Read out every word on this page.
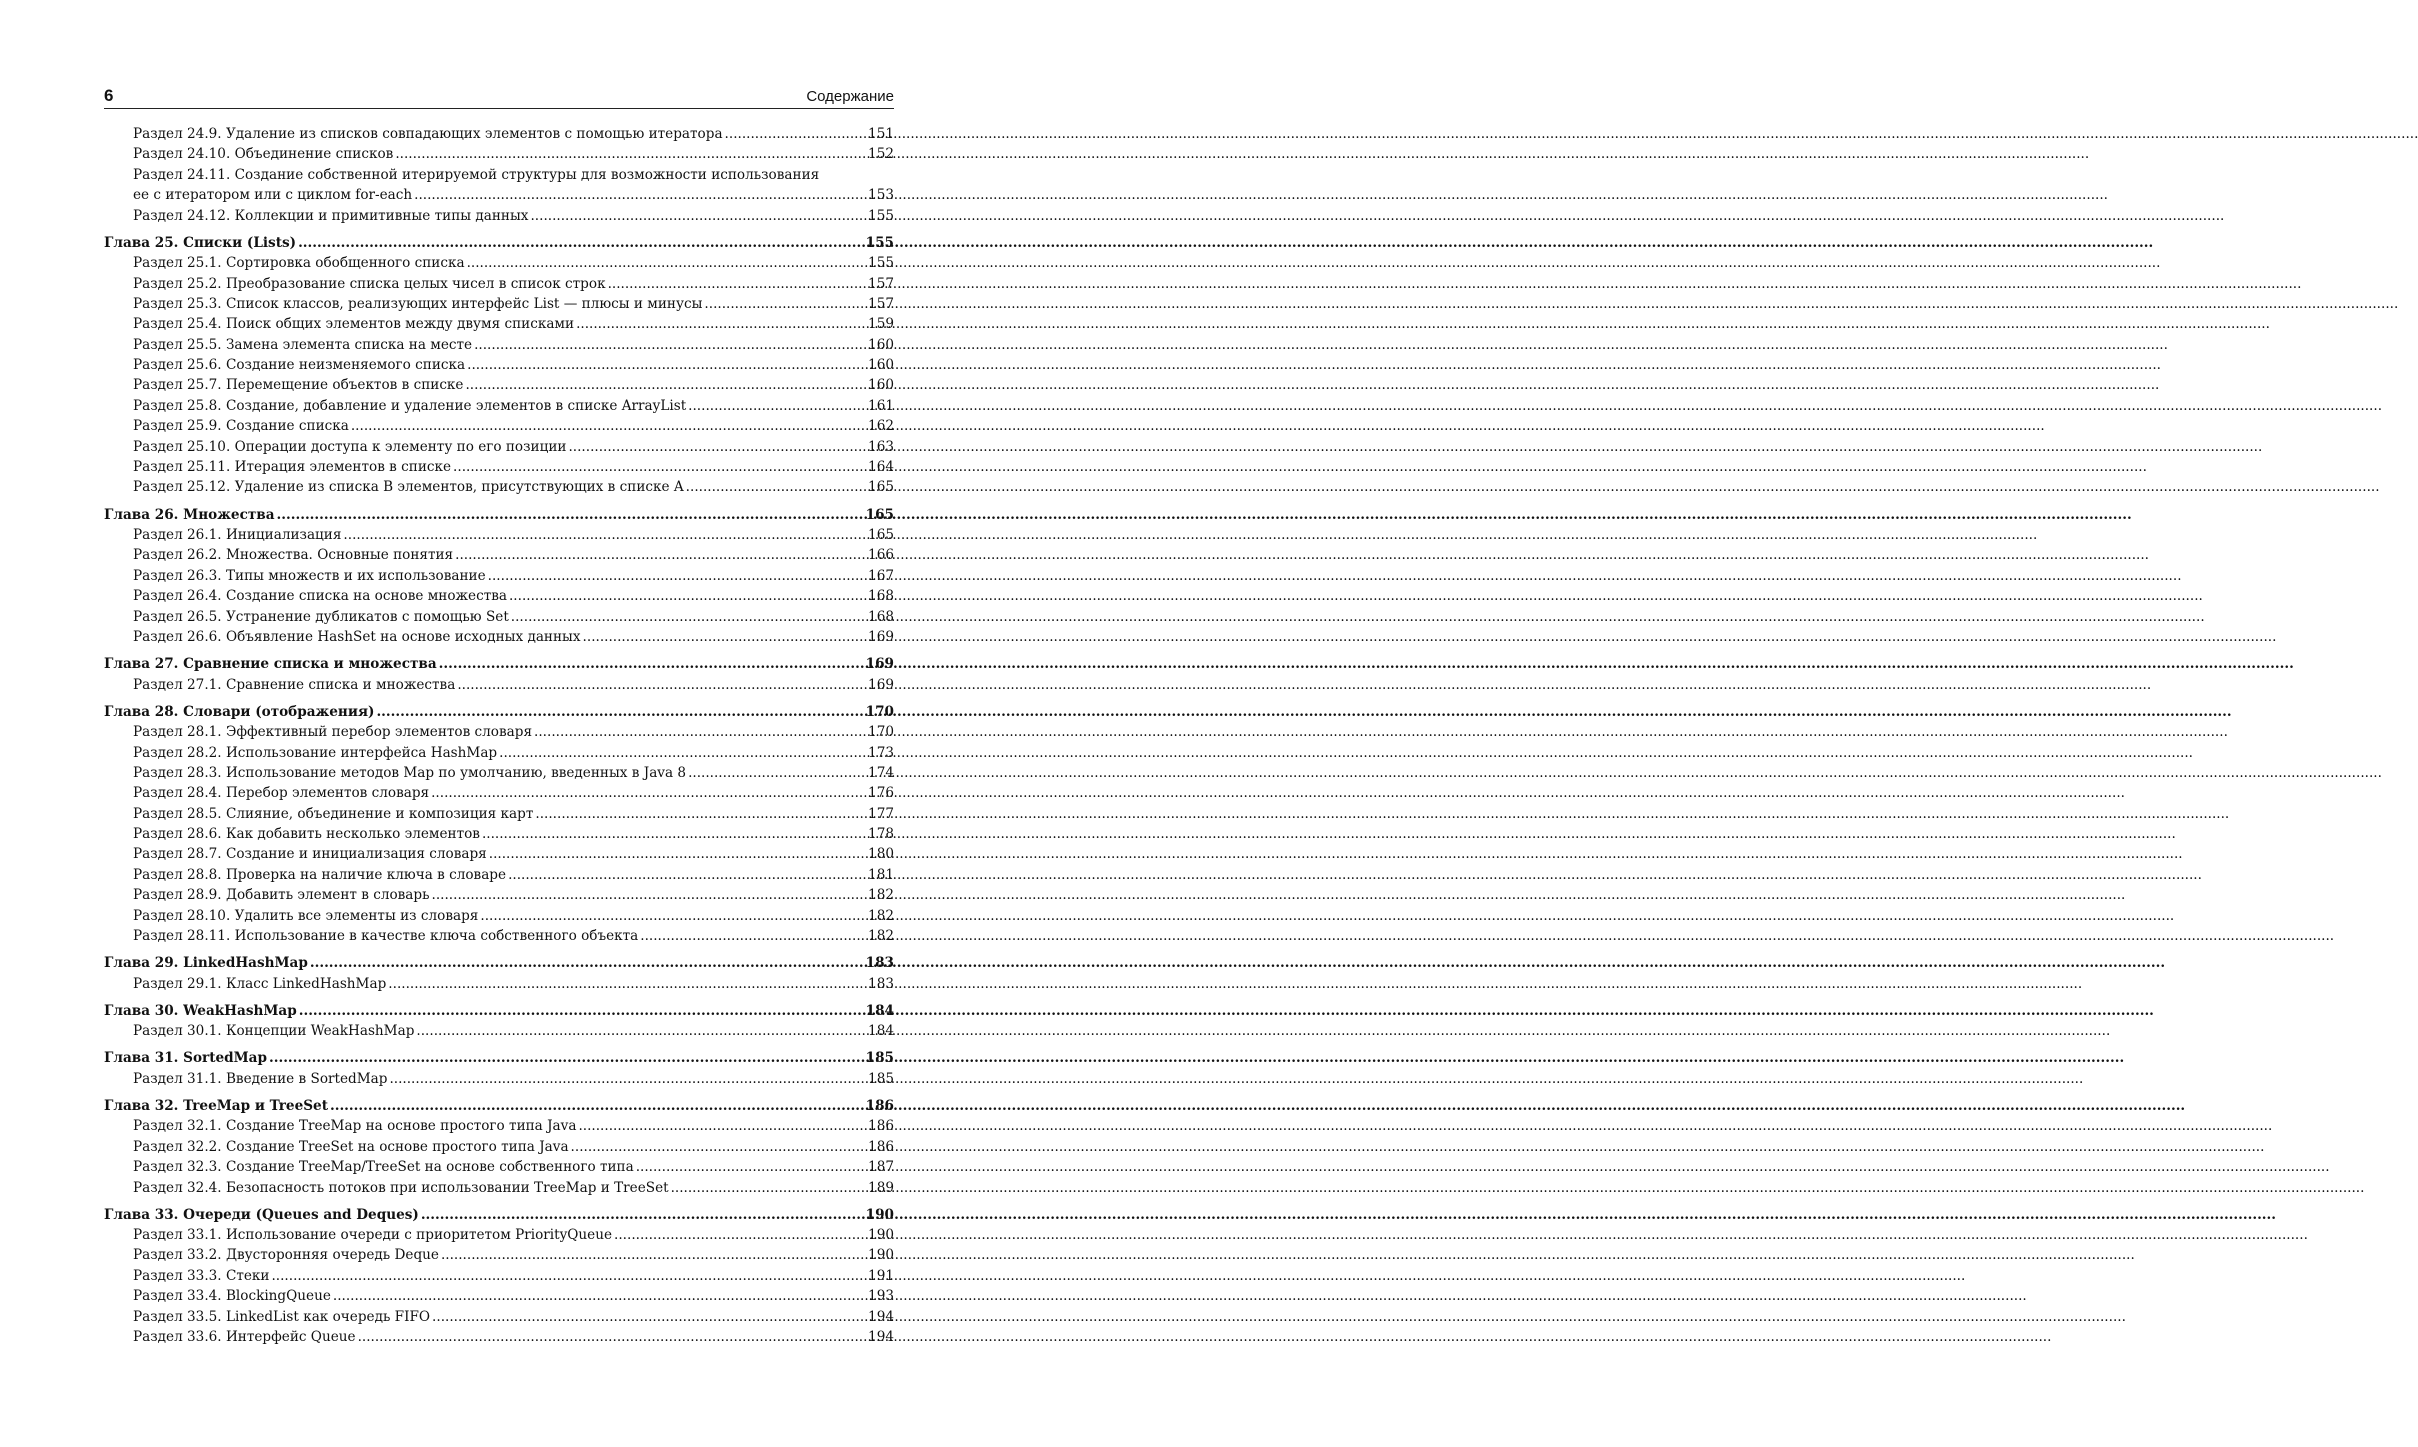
6	Содержание
Раздел 24.9. Удаление из списков совпадающих элементов с помощью итератора .....	151
Раздел 24.10. Объединение списков .....	152
Раздел 24.11. Создание собственной итерируемой структуры для возможности использования
ее с итератором или с циклом for-each .....	153
Раздел 24.12. Коллекции и примитивные типы данных .....	155
Глава 25. Списки (Lists) .....	155
Раздел 25.1. Сортировка обобщенного списка .....	155
Раздел 25.2. Преобразование списка целых чисел в список строк .....	157
Раздел 25.3. Список классов, реализующих интерфейс List — плюсы и минусы .....	157
Раздел 25.4. Поиск общих элементов между двумя списками .....	159
Раздел 25.5. Замена элемента списка на месте .....	160
Раздел 25.6. Создание неизменяемого списка .....	160
Раздел 25.7. Перемещение объектов в списке .....	160
Раздел 25.8. Создание, добавление и удаление элементов в списке ArrayList .....	161
Раздел 25.9. Создание списка .....	162
Раздел 25.10. Операции доступа к элементу по его позиции .....	163
Раздел 25.11. Итерация элементов в списке .....	164
Раздел 25.12. Удаление из списка B элементов, присутствующих в списке A .....	165
Глава 26. Множества .....	165
Раздел 26.1. Инициализация .....	165
Раздел 26.2. Множества. Основные понятия .....	166
Раздел 26.3. Типы множеств и их использование .....	167
Раздел 26.4. Создание списка на основе множества .....	168
Раздел 26.5. Устранение дубликатов с помощью Set .....	168
Раздел 26.6. Объявление HashSet на основе исходных данных .....	169
Глава 27. Сравнение списка и множества .....	169
Раздел 27.1. Сравнение списка и множества .....	169
Глава 28. Словари (отображения) .....	170
Раздел 28.1. Эффективный перебор элементов словаря .....	170
Раздел 28.2. Использование интерфейса HashMap .....	173
Раздел 28.3. Использование методов Map по умолчанию, введенных в Java 8 .....	174
Раздел 28.4. Перебор элементов словаря .....	176
Раздел 28.5. Слияние, объединение и композиция карт .....	177
Раздел 28.6. Как добавить несколько элементов .....	178
Раздел 28.7. Создание и инициализация словаря .....	180
Раздел 28.8. Проверка на наличие ключа в словаре .....	181
Раздел 28.9. Добавить элемент в словарь .....	182
Раздел 28.10. Удалить все элементы из словаря .....	182
Раздел 28.11. Использование в качестве ключа собственного объекта .....	182
Глава 29. LinkedHashMap .....	183
Раздел 29.1. Класс LinkedHashMap .....	183
Глава 30. WeakHashMap .....	184
Раздел 30.1. Концепции WeakHashMap .....	184
Глава 31. SortedMap .....	185
Раздел 31.1. Введение в SortedMap .....	185
Глава 32. TreeMap и TreeSet .....	186
Раздел 32.1. Создание TreeMap на основе простого типа Java .....	186
Раздел 32.2. Создание TreeSet на основе простого типа Java .....	186
Раздел 32.3. Создание TreeMap/TreeSet на основе собственного типа .....	187
Раздел 32.4. Безопасность потоков при использовании TreeMap и TreeSet .....	189
Глава 33. Очереди (Queues and Deques) .....	190
Раздел 33.1. Использование очереди с приоритетом PriorityQueue .....	190
Раздел 33.2. Двусторонняя очередь Deque .....	190
Раздел 33.3. Стеки .....	191
Раздел 33.4. BlockingQueue .....	193
Раздел 33.5. LinkedList как очередь FIFO .....	194
Раздел 33.6. Интерфейс Queue .....	194
